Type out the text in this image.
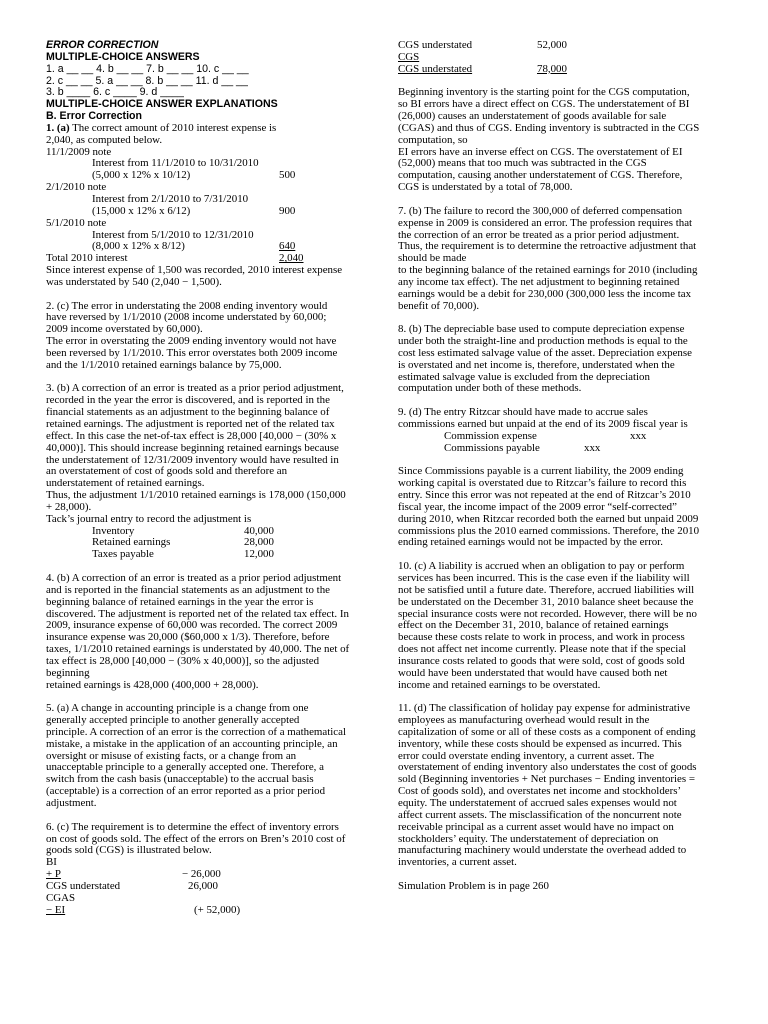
ERROR CORRECTION
MULTIPLE-CHOICE ANSWERS
1. a __ __ 4. b __ __ 7. b __ __ 10. c __ __
2. c __ __ 5. a __ __ 8. b __ __ 11. d __ __
3. b ____ 6. c ____ 9. d ____
MULTIPLE-CHOICE ANSWER EXPLANATIONS
B. Error Correction
1. (a) The correct amount of 2010 interest expense is
2,040, as computed below.
11/1/2009 note
Interest from 11/1/2010 to 10/31/2010
(5,000 x 12% x 10/12)	500
2/1/2010 note
Interest from 2/1/2010 to 7/31/2010
(15,000 x 12% x 6/12)	900
5/1/2010 note
Interest from 5/1/2010 to 12/31/2010
(8,000 x 12% x 8/12)	640
Total 2010 interest	2,040
Since interest expense of 1,500 was recorded, 2010 interest expense
was understated by 540 (2,040 − 1,500).
2. (c) The error in understating the 2008 ending inventory would
have reversed by 1/1/2010 (2008 income understated by 60,000;
2009 income overstated by 60,000).
The error in overstating the 2009 ending inventory would not have
been reversed by 1/1/2010. This error overstates both 2009 income
and the 1/1/2010 retained earnings balance by 75,000.
3. (b) A correction of an error is treated as a prior period adjustment,
recorded in the year the error is discovered, and is reported in the
financial statements as an adjustment to the beginning balance of
retained earnings. The adjustment is reported net of the related tax
effect. In this case the net-of-tax effect is 28,000 [40,000 − (30% x
40,000)]. This should increase beginning retained earnings because
the understatement of 12/31/2009 inventory would have resulted in
an overstatement of cost of goods sold and therefore an
understatement of retained earnings.
Thus, the adjustment 1/1/2010 retained earnings is 178,000 (150,000
+ 28,000).
Tack’s journal entry to record the adjustment is
Inventory	40,000
Retained earnings	28,000
Taxes payable	12,000
4. (b) A correction of an error is treated as a prior period adjustment
and is reported in the financial statements as an adjustment to the
beginning balance of retained earnings in the year the error is
discovered. The adjustment is reported net of the related tax effect. In
2009, insurance expense of 60,000 was recorded. The correct 2009
insurance expense was 20,000 ($60,000 x 1/3). Therefore, before
taxes, 1/1/2010 retained earnings is understated by 40,000. The net of
tax effect is 28,000 [40,000 − (30% x 40,000)], so the adjusted
beginning
retained earnings is 428,000 (400,000 + 28,000).
5. (a) A change in accounting principle is a change from one
generally accepted principle to another generally accepted
principle. A correction of an error is the correction of a mathematical
mistake, a mistake in the application of an accounting principle, an
oversight or misuse of existing facts, or a change from an
unacceptable principle to a generally accepted one. Therefore, a
switch from the cash basis (unacceptable) to the accrual basis
(acceptable) is a correction of an error reported as a prior period
adjustment.
6. (c) The requirement is to determine the effect of inventory errors
on cost of goods sold. The effect of the errors on Bren’s 2010 cost of
goods sold (CGS) is illustrated below.
BI
+ P	− 26,000
CGS understated	26,000
CGAS
− EI	(+ 52,000)
CGS understated	52,000
CGS
CGS understated	78,000
Beginning inventory is the starting point for the CGS computation,
so BI errors have a direct effect on CGS. The understatement of BI
(26,000) causes an understatement of goods available for sale
(CGAS) and thus of CGS. Ending inventory is subtracted in the CGS
computation, so
EI errors have an inverse effect on CGS. The overstatement of EI
(52,000) means that too much was subtracted in the CGS
computation, causing another understatement of CGS. Therefore,
CGS is understated by a total of 78,000.
7. (b) The failure to record the 300,000 of deferred compensation
expense in 2009 is considered an error. The profession requires that
the correction of an error be treated as a prior period adjustment.
Thus, the requirement is to determine the retroactive adjustment that
should be made
to the beginning balance of the retained earnings for 2010 (including
any income tax effect). The net adjustment to beginning retained
earnings would be a debit for 230,000 (300,000 less the income tax
benefit of 70,000).
8. (b) The depreciable base used to compute depreciation expense
under both the straight-line and production methods is equal to the
cost less estimated salvage value of the asset. Depreciation expense
is overstated and net income is, therefore, understated when the
estimated salvage value is excluded from the depreciation
computation under both of these methods.
9. (d) The entry Ritzcar should have made to accrue sales
commissions earned but unpaid at the end of its 2009 fiscal year is
Commission expense	xxx
Commissions payable	xxx
Since Commissions payable is a current liability, the 2009 ending
working capital is overstated due to Ritzcar’s failure to record this
entry. Since this error was not repeated at the end of Ritzcar’s 2010
fiscal year, the income impact of the 2009 error “self-corrected”
during 2010, when Ritzcar recorded both the earned but unpaid 2009
commissions plus the 2010 earned commissions. Therefore, the 2010
ending retained earnings would not be impacted by the error.
10. (c) A liability is accrued when an obligation to pay or perform
services has been incurred. This is the case even if the liability will
not be satisfied until a future date. Therefore, accrued liabilities will
be understated on the December 31, 2010 balance sheet because the
special insurance costs were not recorded. However, there will be no
effect on the December 31, 2010, balance of retained earnings
because these costs relate to work in process, and work in process
does not affect net income currently. Please note that if the special
insurance costs related to goods that were sold, cost of goods sold
would have been understated that would have caused both net
income and retained earnings to be overstated.
11. (d) The classification of holiday pay expense for administrative
employees as manufacturing overhead would result in the
capitalization of some or all of these costs as a component of ending
inventory, while these costs should be expensed as incurred. This
error could overstate ending inventory, a current asset. The
overstatement of ending inventory also understates the cost of goods
sold (Beginning inventories + Net purchases − Ending inventories =
Cost of goods sold), and overstates net income and stockholders’
equity. The understatement of accrued sales expenses would not
affect current assets. The misclassification of the noncurrent note
receivable principal as a current asset would have no impact on
stockholders’ equity. The understatement of depreciation on
manufacturing machinery would understate the overhead added to
inventories, a current asset.
Simulation Problem is in page 260
